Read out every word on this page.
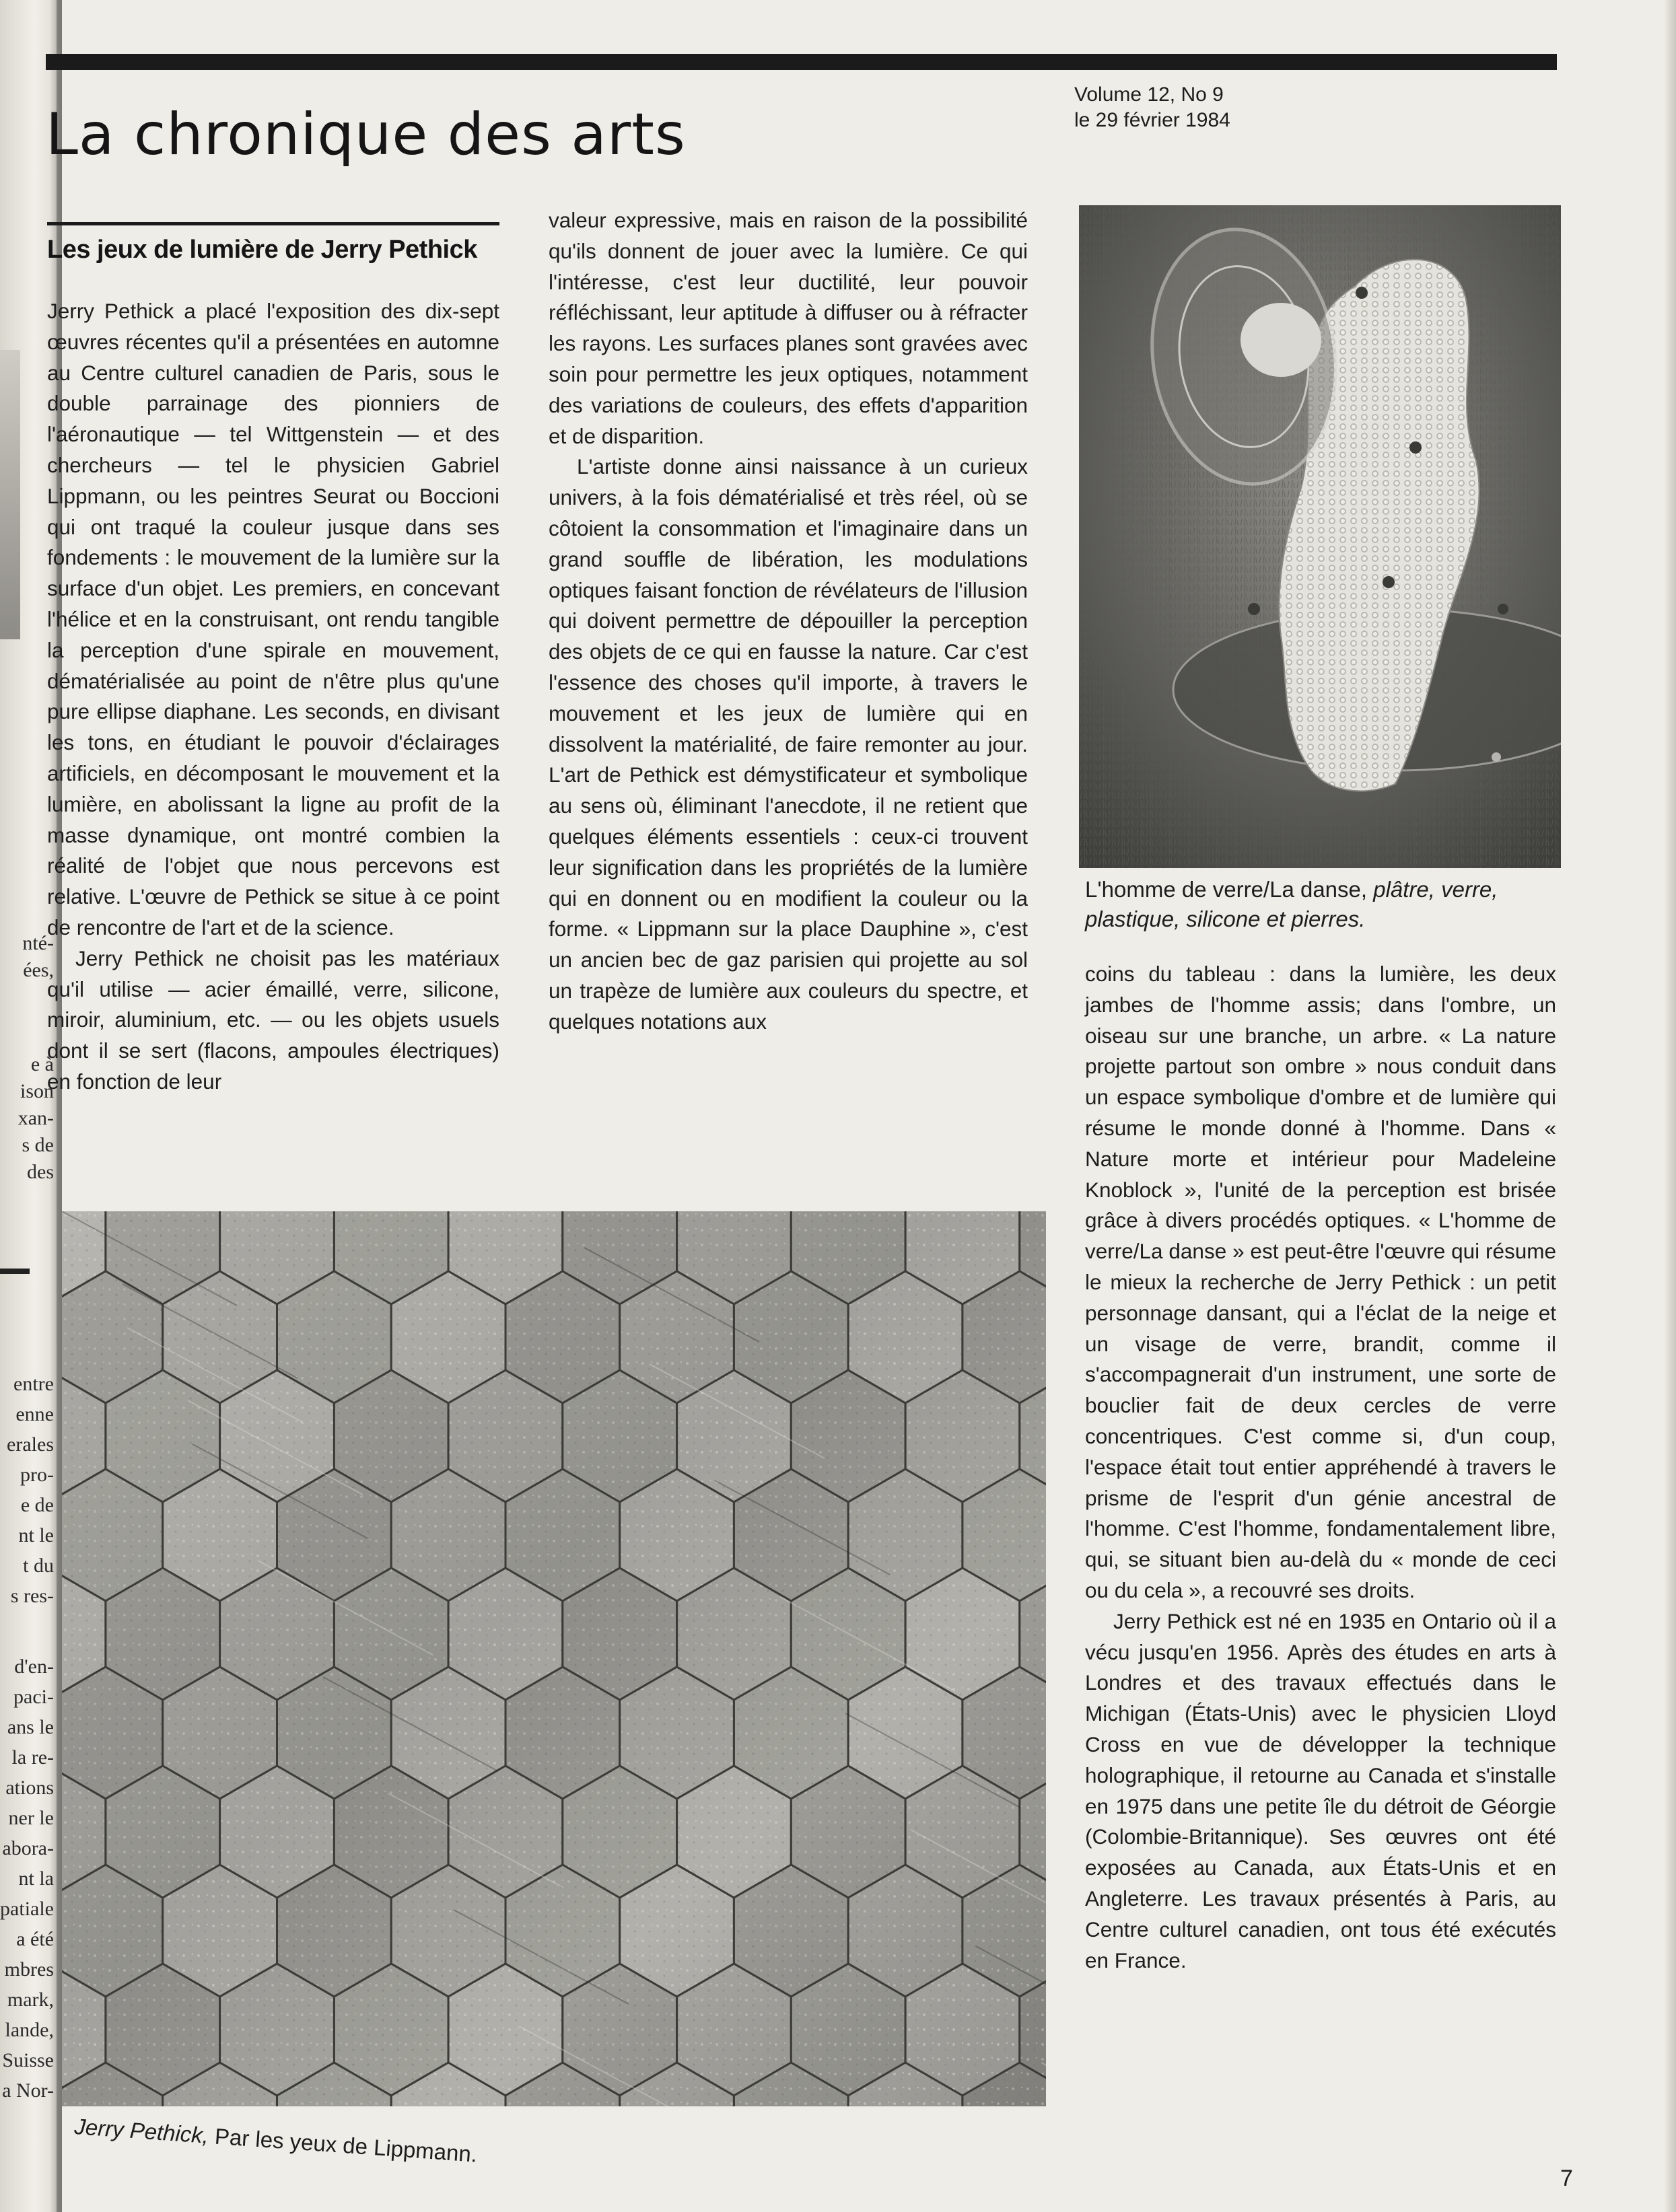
nté-
ées,
e à
ison
xan-
s de
des
entre
enne
erales
pro-
e de
nt le
t du
s res-
d'en-
paci-
ans le
la re-
ations
ner le
abora-
nt la
patiale
a été
mbres
mark,
lande,
Suisse
a Nor-
La chronique des arts
Volume 12, No 9
le 29 février 1984
Les jeux de lumière de Jerry Pethick

Jerry Pethick a placé l'exposition des dix-sept œuvres récentes qu'il a présentées en automne au Centre culturel canadien de Paris, sous le double parrainage des pionniers de l'aéronautique — tel Wittgenstein — et des chercheurs — tel le physicien Gabriel Lippmann, ou les peintres Seurat ou Boccioni qui ont traqué la couleur jusque dans ses fondements : le mouvement de la lumière sur la surface d'un objet. Les premiers, en concevant l'hélice et en la construisant, ont rendu tangible la perception d'une spirale en mouvement, dématérialisée au point de n'être plus qu'une pure ellipse diaphane. Les seconds, en divisant les tons, en étudiant le pouvoir d'éclairages artificiels, en décomposant le mouvement et la lumière, en abolissant la ligne au profit de la masse dynamique, ont montré combien la réalité de l'objet que nous percevons est relative. L'œuvre de Pethick se situe à ce point de rencontre de l'art et de la science.

Jerry Pethick ne choisit pas les matériaux qu'il utilise — acier émaillé, verre, silicone, miroir, aluminium, etc. — ou les objets usuels dont il se sert (flacons, ampoules électriques) en fonction de leur

valeur expressive, mais en raison de la possibilité qu'ils donnent de jouer avec la lumière. Ce qui l'intéresse, c'est leur ductilité, leur pouvoir réfléchissant, leur aptitude à diffuser ou à réfracter les rayons. Les surfaces planes sont gravées avec soin pour permettre les jeux optiques, notamment des variations de couleurs, des effets d'apparition et de disparition.

L'artiste donne ainsi naissance à un curieux univers, à la fois dématérialisé et très réel, où se côtoient la consommation et l'imaginaire dans un grand souffle de libération, les modulations optiques faisant fonction de révélateurs de l'illusion qui doivent permettre de dépouiller la perception des objets de ce qui en fausse la nature. Car c'est l'essence des choses qu'il importe, à travers le mouvement et les jeux de lumière qui en dissolvent la matérialité, de faire remonter au jour. L'art de Pethick est démystificateur et symbolique au sens où, éliminant l'anecdote, il ne retient que quelques éléments essentiels : ceux-ci trouvent leur signification dans les propriétés de la lumière qui en donnent ou en modifient la couleur ou la forme. « Lippmann sur la place Dauphine », c'est un ancien bec de gaz parisien qui projette au sol un trapèze de lumière aux couleurs du spectre, et quelques notations aux

L'homme de verre/La danse, plâtre, verre, plastique, silicone et pierres.

coins du tableau : dans la lumière, les deux jambes de l'homme assis; dans l'ombre, un oiseau sur une branche, un arbre. « La nature projette partout son ombre » nous conduit dans un espace symbolique d'ombre et de lumière qui résume le monde donné à l'homme. Dans « Nature morte et intérieur pour Madeleine Knoblock », l'unité de la perception est brisée grâce à divers procédés optiques. « L'homme de verre/La danse » est peut-être l'œuvre qui résume le mieux la recherche de Jerry Pethick : un petit personnage dansant, qui a l'éclat de la neige et un visage de verre, brandit, comme il s'accompagnerait d'un instrument, une sorte de bouclier fait de deux cercles de verre concentriques. C'est comme si, d'un coup, l'espace était tout entier appréhendé à travers le prisme de l'esprit d'un génie ancestral de l'homme. C'est l'homme, fondamentalement libre, qui, se situant bien au-delà du « monde de ceci ou du cela », a recouvré ses droits.

Jerry Pethick est né en 1935 en Ontario où il a vécu jusqu'en 1956. Après des études en arts à Londres et des travaux effectués dans le Michigan (États-Unis) avec le physicien Lloyd Cross en vue de développer la technique holographique, il retourne au Canada et s'installe en 1975 dans une petite île du détroit de Géorgie (Colombie-Britannique). Ses œuvres ont été exposées au Canada, aux États-Unis et en Angleterre. Les travaux présentés à Paris, au Centre culturel canadien, ont tous été exécutés en France.

Jerry Pethick, Par les yeux de Lippmann.
7
